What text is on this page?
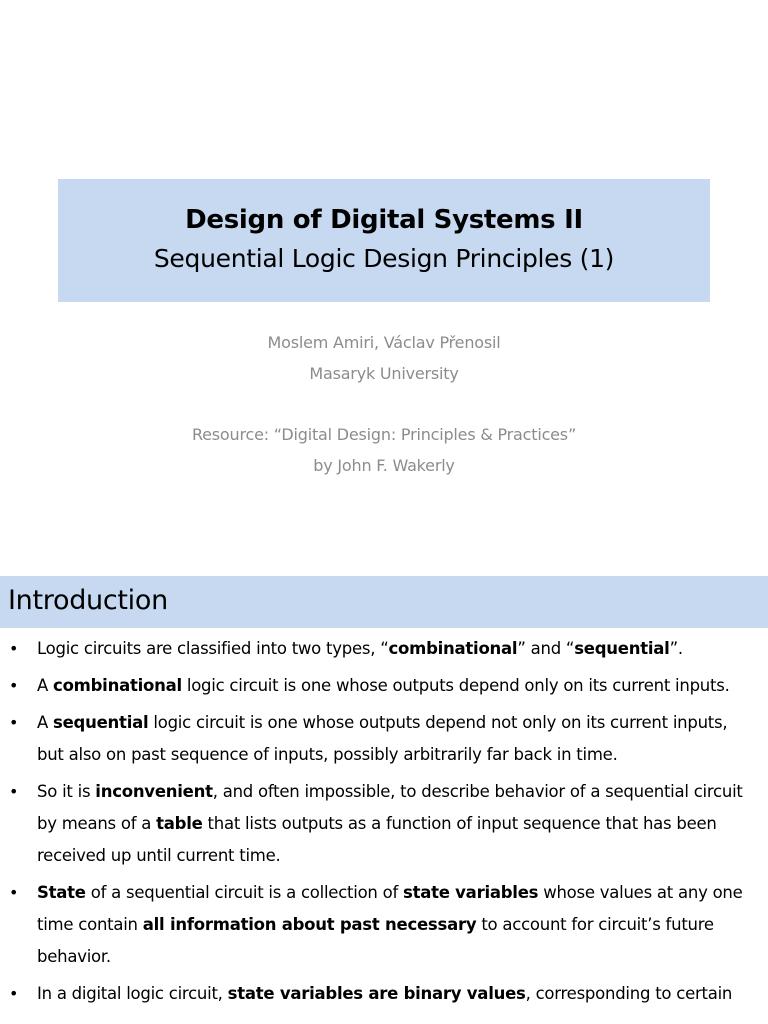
Design of Digital Systems II
Sequential Logic Design Principles (1)
Moslem Amiri, Václav Přenosil
Masaryk University
Resource: “Digital Design: Principles & Practices”
by John F. Wakerly
Introduction
• Logic circuits are classified into two types, “combinational” and “sequential”.
• A combinational logic circuit is one whose outputs depend only on its current inputs.
• A sequential logic circuit is one whose outputs depend not only on its current inputs, but also on past sequence of inputs, possibly arbitrarily far back in time.
• So it is inconvenient, and often impossible, to describe behavior of a sequential circuit by means of a table that lists outputs as a function of input sequence that has been received up until current time.
• State of a sequential circuit is a collection of state variables whose values at any one time contain all information about past necessary to account for circuit’s future behavior.
• In a digital logic circuit, state variables are binary values, corresponding to certain
